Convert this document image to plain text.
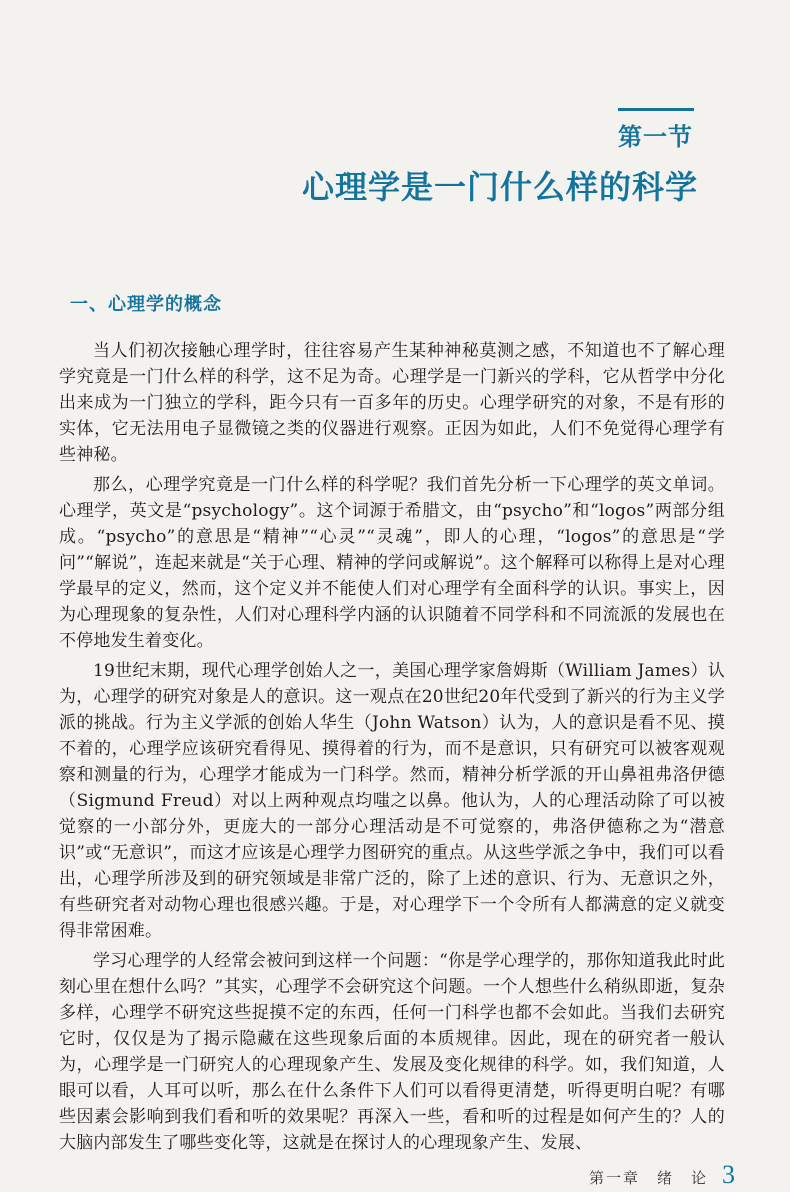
第一节
心理学是一门什么样的科学
一、心理学的概念

当人们初次接触心理学时，往往容易产生某种神秘莫测之感，不知道也不了解心理学究竟是一门什么样的科学，这不足为奇。心理学是一门新兴的学科，它从哲学中分化出来成为一门独立的学科，距今只有一百多年的历史。心理学研究的对象，不是有形的实体，它无法用电子显微镜之类的仪器进行观察。正因为如此，人们不免觉得心理学有些神秘。

那么，心理学究竟是一门什么样的科学呢？我们首先分析一下心理学的英文单词。心理学，英文是“psychology”。这个词源于希腊文，由“psycho”和“logos”两部分组成。“psycho”的意思是“精神”“心灵”“灵魂”，即人的心理，“logos”的意思是“学问”“解说”，连起来就是“关于心理、精神的学问或解说”。这个解释可以称得上是对心理学最早的定义，然而，这个定义并不能使人们对心理学有全面科学的认识。事实上，因为心理现象的复杂性，人们对心理科学内涵的认识随着不同学科和不同流派的发展也在不停地发生着变化。

19世纪末期，现代心理学创始人之一，美国心理学家詹姆斯（William James）认为，心理学的研究对象是人的意识。这一观点在20世纪20年代受到了新兴的行为主义学派的挑战。行为主义学派的创始人华生（John Watson）认为，人的意识是看不见、摸不着的，心理学应该研究看得见、摸得着的行为，而不是意识，只有研究可以被客观观察和测量的行为，心理学才能成为一门科学。然而，精神分析学派的开山鼻祖弗洛伊德（Sigmund Freud）对以上两种观点均嗤之以鼻。他认为，人的心理活动除了可以被觉察的一小部分外，更庞大的一部分心理活动是不可觉察的，弗洛伊德称之为“潜意识”或“无意识”，而这才应该是心理学力图研究的重点。从这些学派之争中，我们可以看出，心理学所涉及到的研究领域是非常广泛的，除了上述的意识、行为、无意识之外，有些研究者对动物心理也很感兴趣。于是，对心理学下一个令所有人都满意的定义就变得非常困难。

学习心理学的人经常会被问到这样一个问题：“你是学心理学的，那你知道我此时此刻心里在想什么吗？”其实，心理学不会研究这个问题。一个人想些什么稍纵即逝，复杂多样，心理学不研究这些捉摸不定的东西，任何一门科学也都不会如此。当我们去研究它时，仅仅是为了揭示隐藏在这些现象后面的本质规律。因此，现在的研究者一般认为，心理学是一门研究人的心理现象产生、发展及变化规律的科学。如，我们知道，人眼可以看，人耳可以听，那么在什么条件下人们可以看得更清楚，听得更明白呢？有哪些因素会影响到我们看和听的效果呢？再深入一些，看和听的过程是如何产生的？人的大脑内部发生了哪些变化等，这就是在探讨人的心理现象产生、发展、

第一章　绪　论 3
